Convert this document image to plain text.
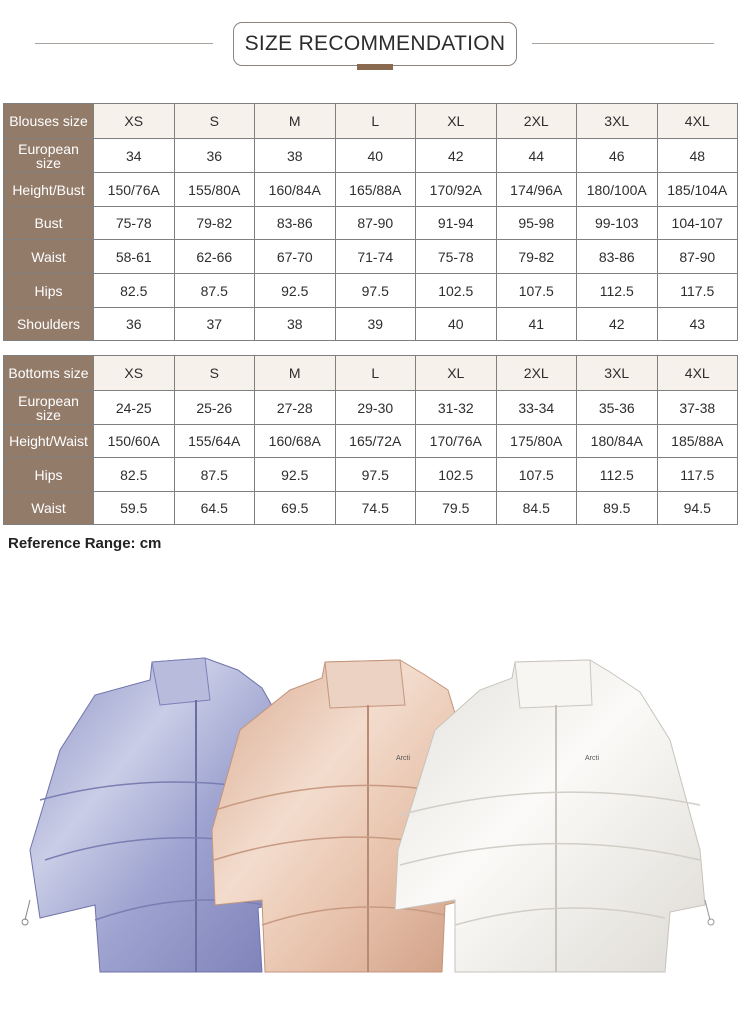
SIZE RECOMMENDATION
Blouses size	XS	S	M	L	XL	2XL	3XL	4XL
European size	34	36	38	40	42	44	46	48
Height/Bust	150/76A	155/80A	160/84A	165/88A	170/92A	174/96A	180/100A	185/104A
Bust	75-78	79-82	83-86	87-90	91-94	95-98	99-103	104-107
Waist	58-61	62-66	67-70	71-74	75-78	79-82	83-86	87-90
Hips	82.5	87.5	92.5	97.5	102.5	107.5	112.5	117.5
Shoulders	36	37	38	39	40	41	42	43
Bottoms size	XS	S	M	L	XL	2XL	3XL	4XL
European size	24-25	25-26	27-28	29-30	31-32	33-34	35-36	37-38
Height/Waist	150/60A	155/64A	160/68A	165/72A	170/76A	175/80A	180/84A	185/88A
Hips	82.5	87.5	92.5	97.5	102.5	107.5	112.5	117.5
Waist	59.5	64.5	69.5	74.5	79.5	84.5	89.5	94.5
Reference Range: cm
Arcti	Arcti
